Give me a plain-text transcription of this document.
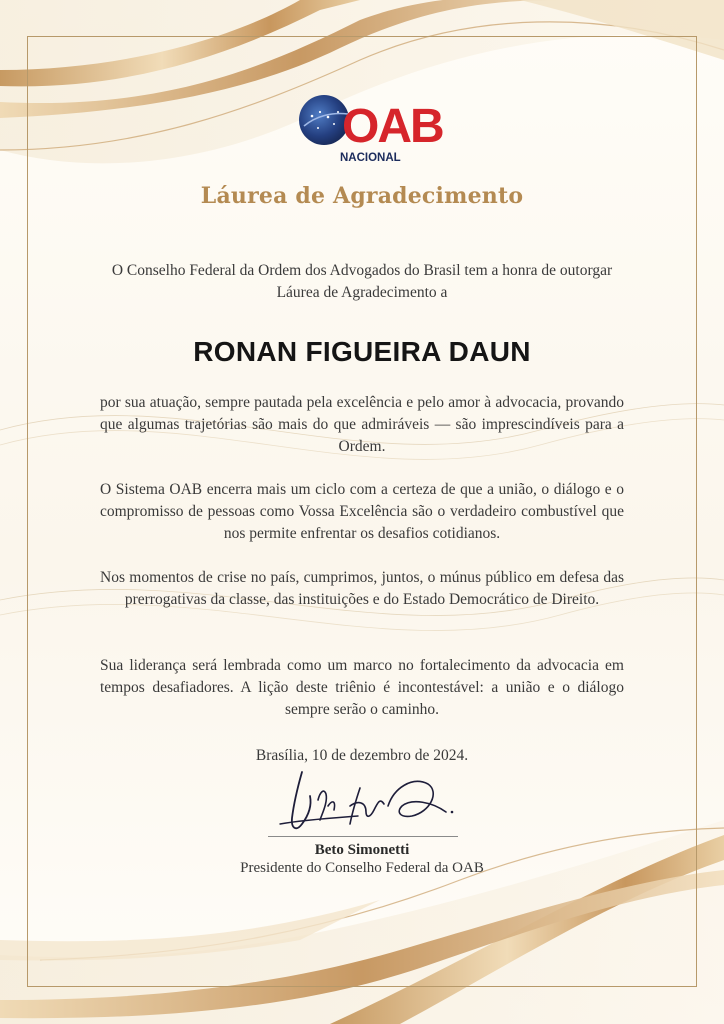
OAB
NACIONAL
Láurea de Agradecimento
O Conselho Federal da Ordem dos Advogados do Brasil tem a honra de outorgar Láurea de Agradecimento a
RONAN FIGUEIRA DAUN
por sua atuação, sempre pautada pela excelência e pelo amor à advocacia, provando que algumas trajetórias são mais do que admiráveis — são imprescindíveis para a Ordem.
O Sistema OAB encerra mais um ciclo com a certeza de que a união, o diálogo e o compromisso de pessoas como Vossa Excelência são o verdadeiro combustível que nos permite enfrentar os desafios cotidianos.
Nos momentos de crise no país, cumprimos, juntos, o múnus público em defesa das prerrogativas da classe, das instituições e do Estado Democrático de Direito.
Sua liderança será lembrada como um marco no fortalecimento da advocacia em tempos desafiadores. A lição deste triênio é incontestável: a união e o diálogo sempre serão o caminho.
Brasília, 10 de dezembro de 2024.
Beto Simonetti
Presidente do Conselho Federal da OAB
